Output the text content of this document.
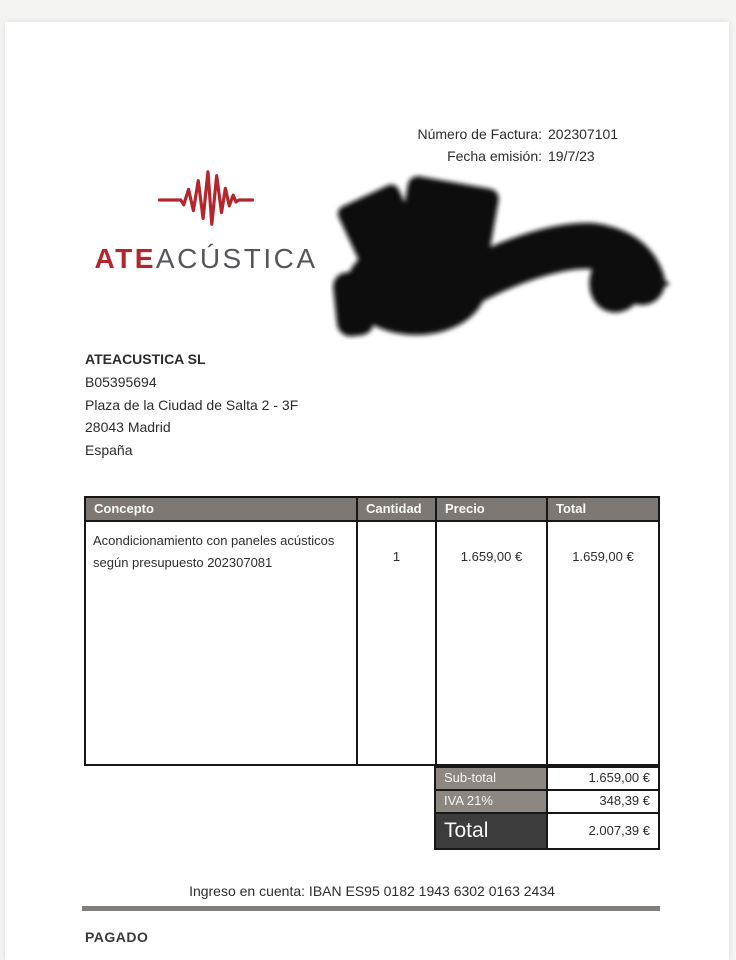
Número de Factura: 202307101
Fecha emisión: 19/7/23
ATEACÚSTICA
ATEACUSTICA SL
B05395694
Plaza de la Ciudad de Salta 2 - 3F
28043 Madrid
España
Concepto	Cantidad	Precio	Total
Acondicionamiento con paneles acústicos según presupuesto 202307081	1	1.659,00 €	1.659,00 €
Sub-total	1.659,00 €
IVA 21%	348,39 €
Total	2.007,39 €
Ingreso en cuenta: IBAN ES95 0182 1943 6302 0163 2434
PAGADO
